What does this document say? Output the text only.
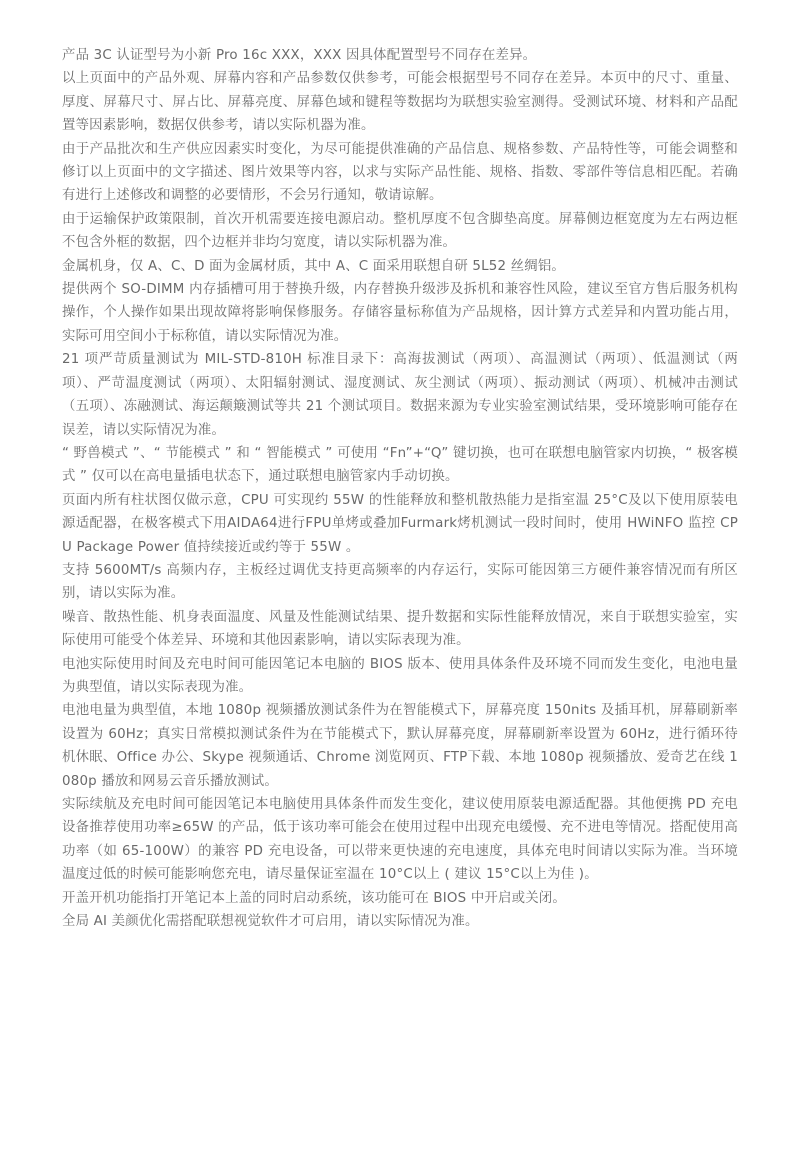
产品 3C 认证型号为小新 Pro 16c XXX，XXX 因具体配置型号不同存在差异。

以上页面中的产品外观、屏幕内容和产品参数仅供参考，可能会根据型号不同存在差异。本页中的尺寸、重量、厚度、屏幕尺寸、屏占比、屏幕亮度、屏幕色域和键程等数据均为联想实验室测得。受测试环境、材料和产品配置等因素影响，数据仅供参考，请以实际机器为准。

由于产品批次和生产供应因素实时变化，为尽可能提供准确的产品信息、规格参数、产品特性等，可能会调整和修订以上页面中的文字描述、图片效果等内容，以求与实际产品性能、规格、指数、零部件等信息相匹配。若确有进行上述修改和调整的必要情形，不会另行通知，敬请谅解。

由于运输保护政策限制，首次开机需要连接电源启动。整机厚度不包含脚垫高度。屏幕侧边框宽度为左右两边框不包含外框的数据，四个边框并非均匀宽度，请以实际机器为准。

金属机身，仅 A、C、D 面为金属材质，其中 A、C 面采用联想自研 5L52 丝绸铝。

提供两个 SO-DIMM 内存插槽可用于替换升级，内存替换升级涉及拆机和兼容性风险，建议至官方售后服务机构操作，个人操作如果出现故障将影响保修服务。存储容量标称值为产品规格，因计算方式差异和内置功能占用，实际可用空间小于标称值，请以实际情况为准。

21 项严苛质量测试为 MIL-STD-810H 标准目录下：高海拔测试（两项）、高温测试（两项）、低温测试（两项）、严苛温度测试（两项）、太阳辐射测试、湿度测试、灰尘测试（两项）、振动测试（两项）、机械冲击测试（五项）、冻融测试、海运颠簸测试等共 21 个测试项目。数据来源为专业实验室测试结果，受环境影响可能存在误差，请以实际情况为准。

“ 野兽模式 ”、“ 节能模式 ” 和 “ 智能模式 ” 可使用 “Fn”+“Q” 键切换，也可在联想电脑管家内切换，“ 极客模式 ” 仅可以在高电量插电状态下，通过联想电脑管家内手动切换。

页面内所有柱状图仅做示意，CPU 可实现约 55W 的性能释放和整机散热能力是指室温 25°C及以下使用原装电源适配器，在极客模式下用AIDA64进行FPU单烤或叠加Furmark烤机测试一段时间时，使用 HWiNFO 监控 CPU Package Power 值持续接近或约等于 55W 。

支持 5600MT/s 高频内存，主板经过调优支持更高频率的内存运行，实际可能因第三方硬件兼容情况而有所区别，请以实际为准。

噪音、散热性能、机身表面温度、风量及性能测试结果、提升数据和实际性能释放情况，来自于联想实验室，实际使用可能受个体差异、环境和其他因素影响，请以实际表现为准。

电池实际使用时间及充电时间可能因笔记本电脑的 BIOS 版本、使用具体条件及环境不同而发生变化，电池电量为典型值，请以实际表现为准。

电池电量为典型值，本地 1080p 视频播放测试条件为在智能模式下，屏幕亮度 150nits 及插耳机，屏幕刷新率设置为 60Hz；真实日常模拟测试条件为在节能模式下，默认屏幕亮度，屏幕刷新率设置为 60Hz，进行循环待机休眠、Office 办公、Skype 视频通话、Chrome 浏览网页、FTP下载、本地 1080p 视频播放、爱奇艺在线 1080p 播放和网易云音乐播放测试。

实际续航及充电时间可能因笔记本电脑使用具体条件而发生变化，建议使用原装电源适配器。其他便携 PD 充电设备推荐使用功率≥65W 的产品，低于该功率可能会在使用过程中出现充电缓慢、充不进电等情况。搭配使用高功率（如 65-100W）的兼容 PD 充电设备，可以带来更快速的充电速度，具体充电时间请以实际为准。当环境温度过低的时候可能影响您充电，请尽量保证室温在 10°C以上 ( 建议 15°C以上为佳 )。

开盖开机功能指打开笔记本上盖的同时启动系统，该功能可在 BIOS 中开启或关闭。

全局 AI 美颜优化需搭配联想视觉软件才可启用，请以实际情况为准。
